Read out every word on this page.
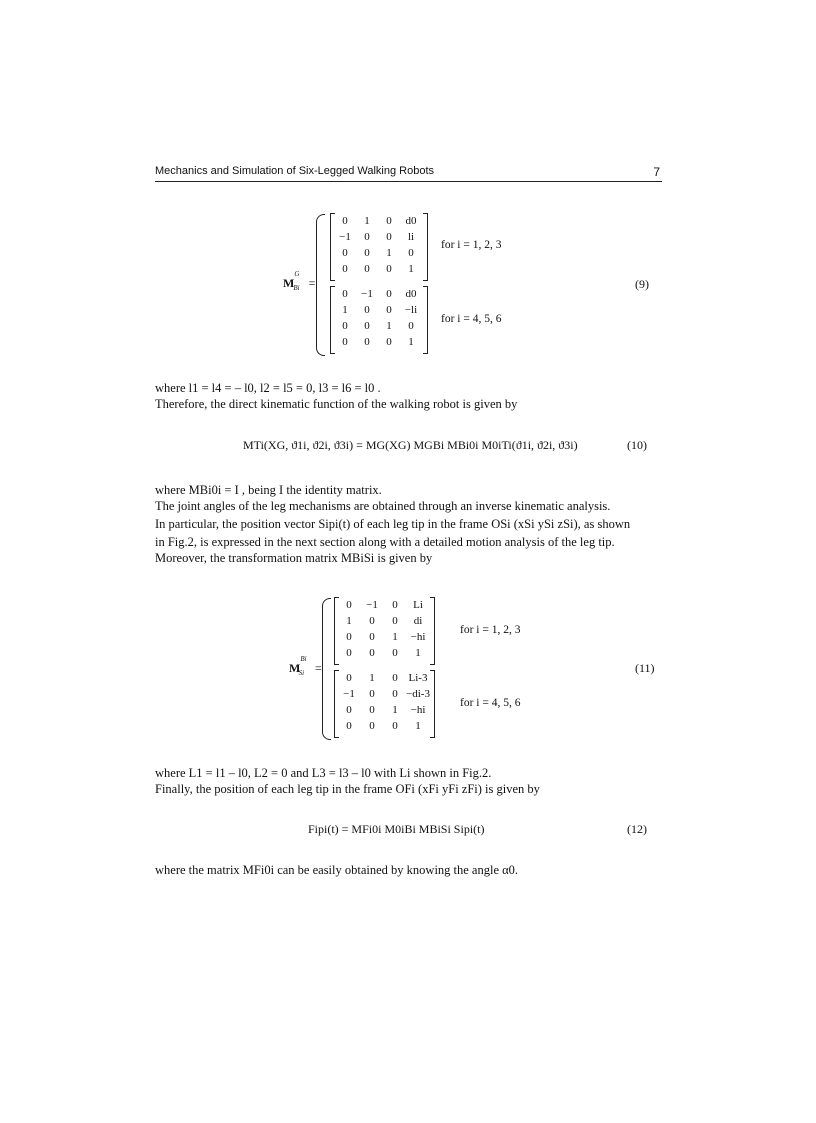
Mechanics and Simulation of Six-Legged Walking Robots	7
$M^G_{Bi}$ =
0	1	0	d0
−1	0	0	li
0	0	1	0
0	0	0	1
for i = 1, 2, 3
0	−1	0	d0
1	0	0	−li
0	0	1	0
0	0	0	1
for i = 4, 5, 6
(9)
where l1 = l4 = – l0, l2 = l5 = 0, l3 = l6 = l0 .
Therefore, the direct kinematic function of the walking robot is given by
MTi(XG, ϑ1i, ϑ2i, ϑ3i) = MG(XG) MGBi MBi0i M0iTi(ϑ1i, ϑ2i, ϑ3i)	(10)
where MBi0i = I , being I the identity matrix.
The joint angles of the leg mechanisms are obtained through an inverse kinematic analysis.
In particular, the position vector Sipi(t) of each leg tip in the frame OSi (xSi ySi zSi), as shown
in Fig.2, is expressed in the next section along with a detailed motion analysis of the leg tip.
Moreover, the transformation matrix MBiSi is given by
$M^{Bi}_{Si}$ =
0	−1	0	Li
1	0	0	di
0	0	1	−hi
0	0	0	1
for i = 1, 2, 3
0	1	0 Li-3
−1	0	0 −di-3
0	0	1	−hi
0	0	0	1
for i = 4, 5, 6
(11)
where L1 = l1 – l0, L2 = 0 and L3 = l3 – l0 with Li shown in Fig.2.
Finally, the position of each leg tip in the frame OFi (xFi yFi zFi) is given by
Fipi(t) = MFi0i M0iBi MBiSi Sipi(t)	(12)
where the matrix MFi0i can be easily obtained by knowing the angle α0.
